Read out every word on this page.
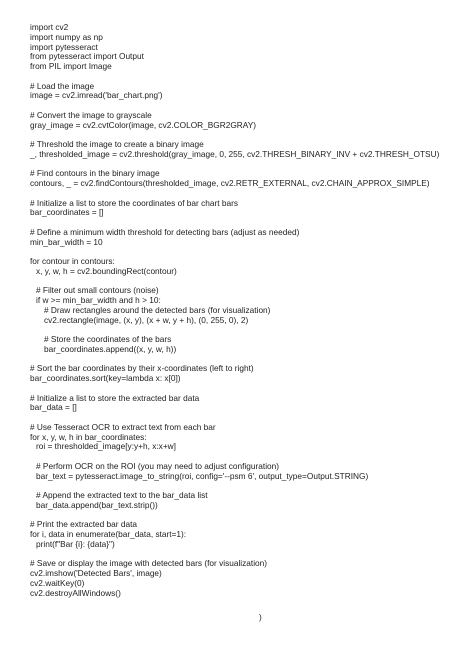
import cv2
import numpy as np
import pytesseract
from pytesseract import Output
from PIL import Image
# Load the image
image = cv2.imread('bar_chart.png')
# Convert the image to grayscale
gray_image = cv2.cvtColor(image, cv2.COLOR_BGR2GRAY)
# Threshold the image to create a binary image
_, thresholded_image = cv2.threshold(gray_image, 0, 255, cv2.THRESH_BINARY_INV + cv2.THRESH_OTSU)
# Find contours in the binary image
contours, _ = cv2.findContours(thresholded_image, cv2.RETR_EXTERNAL, cv2.CHAIN_APPROX_SIMPLE)
# Initialize a list to store the coordinates of bar chart bars
bar_coordinates = []
# Define a minimum width threshold for detecting bars (adjust as needed)
min_bar_width = 10
for contour in contours:
x, y, w, h = cv2.boundingRect(contour)
# Filter out small contours (noise)
if w >= min_bar_width and h > 10:
# Draw rectangles around the detected bars (for visualization)
cv2.rectangle(image, (x, y), (x + w, y + h), (0, 255, 0), 2)
# Store the coordinates of the bars
bar_coordinates.append((x, y, w, h))
# Sort the bar coordinates by their x-coordinates (left to right)
bar_coordinates.sort(key=lambda x: x[0])
# Initialize a list to store the extracted bar data
bar_data = []
# Use Tesseract OCR to extract text from each bar
for x, y, w, h in bar_coordinates:
roi = thresholded_image[y:y+h, x:x+w]
# Perform OCR on the ROI (you may need to adjust configuration)
bar_text = pytesseract.image_to_string(roi, config='--psm 6', output_type=Output.STRING)
# Append the extracted text to the bar_data list
bar_data.append(bar_text.strip())
# Print the extracted bar data
for i, data in enumerate(bar_data, start=1):
print(f"Bar {i}: {data}")
# Save or display the image with detected bars (for visualization)
cv2.imshow('Detected Bars', image)
cv2.waitKey(0)
cv2.destroyAllWindows()
)
